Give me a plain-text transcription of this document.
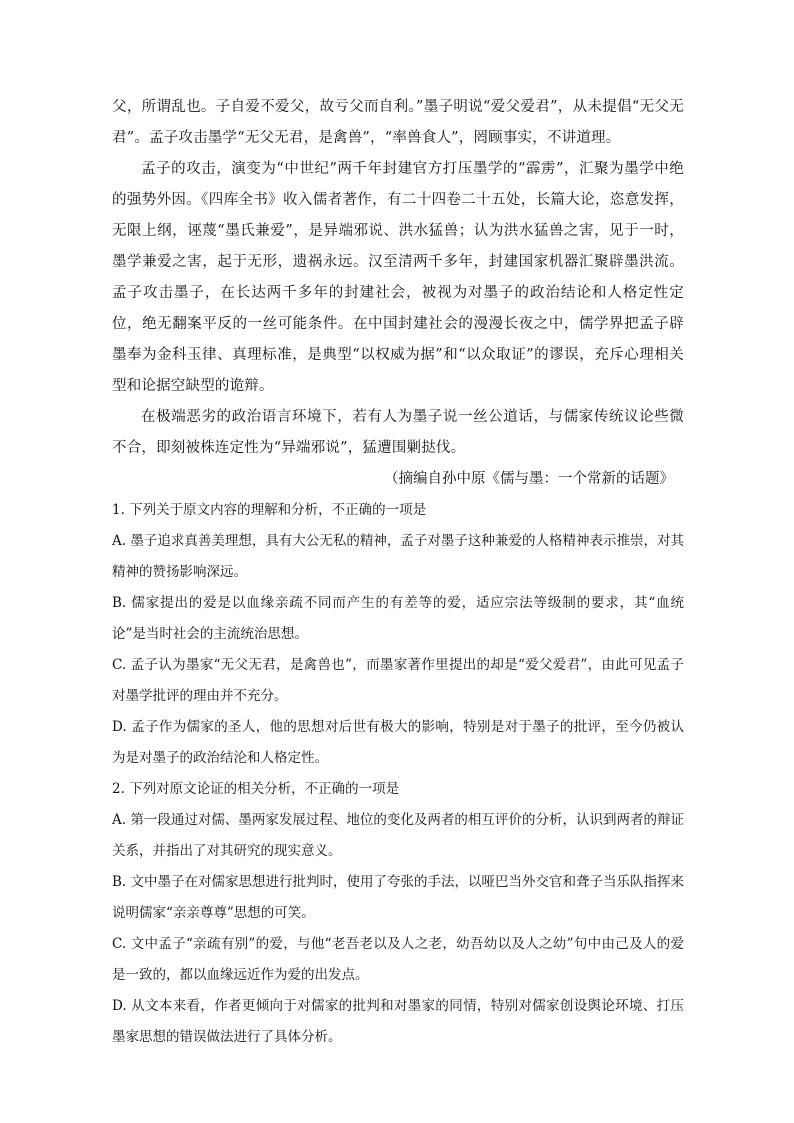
父，所谓乱也。子自爱不爱父，故亏父而自利。”墨子明说“爱父爱君”，从未提倡“无父无君”。孟子攻击墨学“无父无君，是禽兽”，“率兽食人”，罔顾事实，不讲道理。

孟子的攻击，演变为“中世纪”两千年封建官方打压墨学的“霹雳”，汇聚为墨学中绝的强势外因。《四库全书》收入儒者著作，有二十四卷二十五处，长篇大论，恣意发挥，无限上纲，诬蔑“墨氏兼爱”，是异端邪说、洪水猛兽；认为洪水猛兽之害，见于一时，墨学兼爱之害，起于无形，遗祸永远。汉至清两千多年，封建国家机器汇聚辟墨洪流。孟子攻击墨子，在长达两千多年的封建社会，被视为对墨子的政治结论和人格定性定位，绝无翻案平反的一丝可能条件。在中国封建社会的漫漫长夜之中，儒学界把孟子辟墨奉为金科玉律、真理标准，是典型“以权威为据”和“以众取证”的谬误，充斥心理相关型和论据空缺型的诡辩。

在极端恶劣的政治语言环境下，若有人为墨子说一丝公道话，与儒家传统议论些微不合，即刻被株连定性为“异端邪说”，猛遭围剿挞伐。

（摘编自孙中原《儒与墨：一个常新的话题》

1. 下列关于原文内容的理解和分析，不正确的一项是

A. 墨子追求真善美理想，具有大公无私的精神，孟子对墨子这种兼爱的人格精神表示推崇，对其精神的赞扬影响深远。

B. 儒家提出的爱是以血缘亲疏不同而产生的有差等的爱，适应宗法等级制的要求，其“血统论”是当时社会的主流统治思想。

C. 孟子认为墨家“无父无君，是禽兽也”，而墨家著作里提出的却是“爱父爱君”，由此可见孟子对墨学批评的理由并不充分。

D. 孟子作为儒家的圣人，他的思想对后世有极大的影响，特别是对于墨子的批评，至今仍被认为是对墨子的政治结沦和人格定性。

2. 下列对原文论证的相关分析，不正确的一项是

A. 第一段通过对儒、墨两家发展过程、地位的变化及两者的相互评价的分析，认识到两者的辩证关系，并指出了对其研究的现实意义。

B. 文中墨子在对儒家思想进行批判时，使用了夸张的手法，以哑巴当外交官和聋子当乐队指挥来说明儒家“亲亲尊尊”思想的可笑。

C. 文中孟子“亲疏有别”的爱，与他“老吾老以及人之老，幼吾幼以及人之幼”句中由己及人的爱是一致的，都以血缘远近作为爱的出发点。

D. 从文本来看，作者更倾向于对儒家的批判和对墨家的同情，特别对儒家创设舆论环境、打压墨家思想的错误做法进行了具体分析。
